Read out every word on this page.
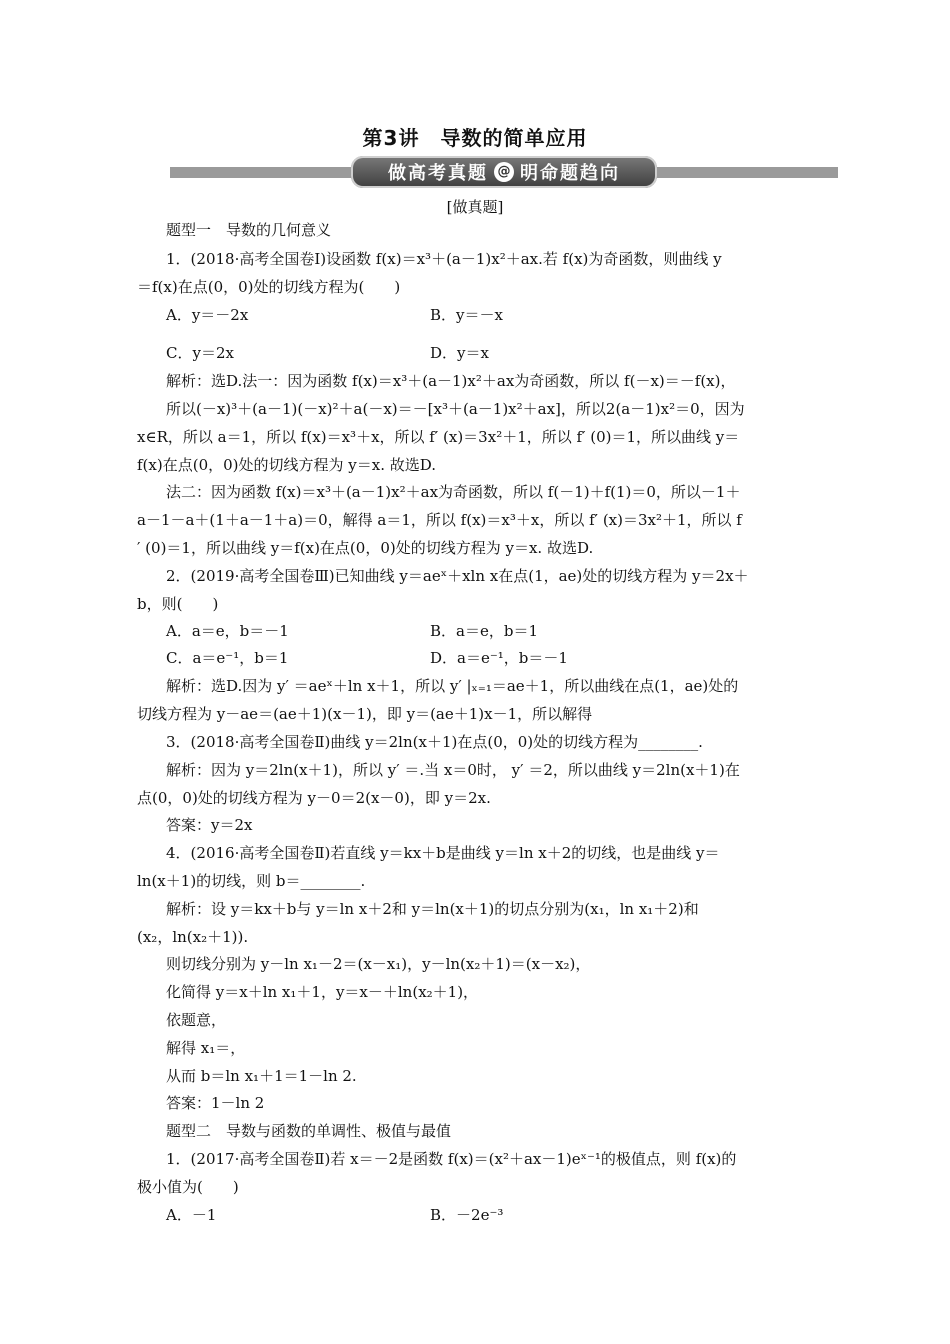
第3讲　导数的简单应用
做高考真题 @ 明命题趋向
[做真题]
题型一　导数的几何意义
1．(2018·高考全国卷Ⅰ)设函数 f(x)＝x³＋(a－1)x²＋ax.若 f(x)为奇函数，则曲线 y
＝f(x)在点(0，0)处的切线方程为(　　)
解析：选D.法一：因为函数 f(x)＝x³＋(a－1)x²＋ax为奇函数，所以 f(－x)＝－f(x)，
所以(－x)³＋(a－1)(－x)²＋a(－x)＝－[x³＋(a－1)x²＋ax]，所以2(a－1)x²＝0，因为
x∈R，所以 a＝1，所以 f(x)＝x³＋x，所以 f′ (x)＝3x²＋1，所以 f′ (0)＝1，所以曲线 y＝
f(x)在点(0，0)处的切线方程为 y＝x. 故选D.
法二：因为函数 f(x)＝x³＋(a－1)x²＋ax为奇函数，所以 f(－1)＋f(1)＝0，所以－1＋
a－1－a＋(1＋a－1＋a)＝0，解得 a＝1，所以 f(x)＝x³＋x，所以 f′ (x)＝3x²＋1，所以 f
′ (0)＝1，所以曲线 y＝f(x)在点(0，0)处的切线方程为 y＝x. 故选D.
2．(2019·高考全国卷Ⅲ)已知曲线 y＝aeˣ＋xln x在点(1，ae)处的切线方程为 y＝2x＋
b，则(　　)
解析：选D.因为 y′ ＝aeˣ＋ln x＋1，所以 y′ |ₓ₌₁＝ae＋1，所以曲线在点(1，ae)处的
切线方程为 y－ae＝(ae＋1)(x－1)，即 y＝(ae＋1)x－1，所以解得
3．(2018·高考全国卷Ⅱ)曲线 y＝2ln(x＋1)在点(0，0)处的切线方程为________.
解析：因为 y＝2ln(x＋1)，所以 y′ ＝.当 x＝0时， y′ ＝2，所以曲线 y＝2ln(x＋1)在
点(0，0)处的切线方程为 y－0＝2(x－0)，即 y＝2x.
答案：y＝2x
4．(2016·高考全国卷Ⅱ)若直线 y＝kx＋b是曲线 y＝ln x＋2的切线，也是曲线 y＝
ln(x＋1)的切线，则 b＝________.
解析：设 y＝kx＋b与 y＝ln x＋2和 y＝ln(x＋1)的切点分别为(x₁，ln x₁＋2)和
(x₂，ln(x₂＋1)).
则切线分别为 y－ln x₁－2＝(x－x₁)，y－ln(x₂＋1)＝(x－x₂)，
化简得 y＝x＋ln x₁＋1，y＝x－＋ln(x₂＋1)，
依题意，
解得 x₁＝，
从而 b＝ln x₁＋1＝1－ln 2.
答案：1－ln 2
题型二　导数与函数的单调性、极值与最值
1．(2017·高考全国卷Ⅱ)若 x＝－2是函数 f(x)＝(x²＋ax－1)eˣ⁻¹的极值点，则 f(x)的
极小值为(　　)
A．y＝－2x	B．y＝－x
C．y＝2x	D．y＝x
A．a＝e，b＝－1	B．a＝e，b＝1
C．a＝e⁻¹，b＝1	D．a＝e⁻¹，b＝－1
A．－1	B．－2e⁻³
